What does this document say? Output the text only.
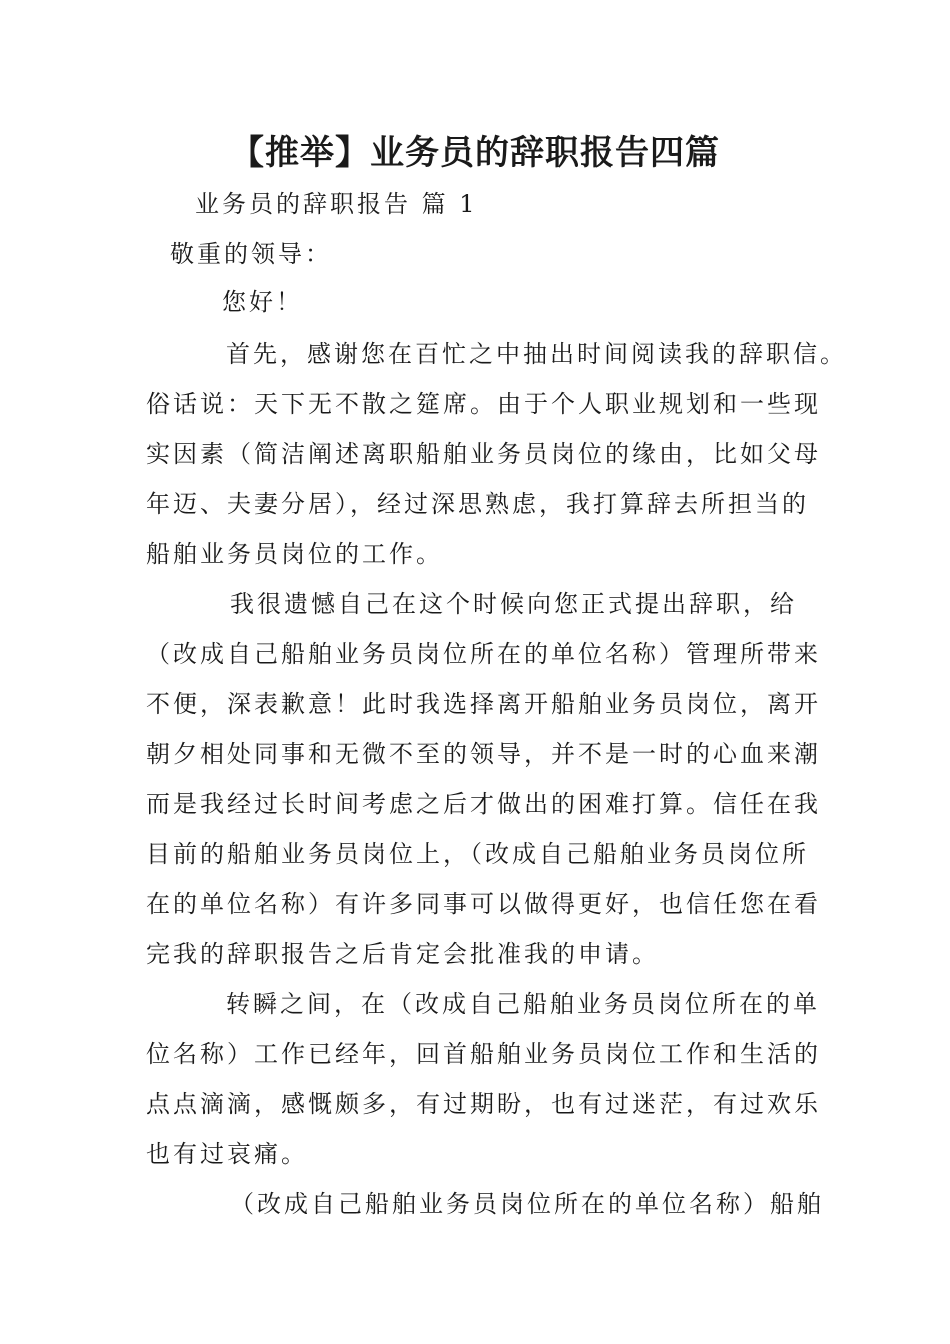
【推举】业务员的辞职报告四篇
业务员的辞职报告 篇 1
敬重的领导：
您好！
首先，感谢您在百忙之中抽出时间阅读我的辞职信。
俗话说：天下无不散之筵席。由于个人职业规划和一些现
实因素（简洁阐述离职船舶业务员岗位的缘由，比如父母
年迈、夫妻分居），经过深思熟虑，我打算辞去所担当的
船舶业务员岗位的工作。
我很遗憾自己在这个时候向您正式提出辞职，给
（改成自己船舶业务员岗位所在的单位名称）管理所带来
不便，深表歉意！此时我选择离开船舶业务员岗位，离开
朝夕相处同事和无微不至的领导，并不是一时的心血来潮
而是我经过长时间考虑之后才做出的困难打算。信任在我
目前的船舶业务员岗位上，（改成自己船舶业务员岗位所
在的单位名称）有许多同事可以做得更好，也信任您在看
完我的辞职报告之后肯定会批准我的申请。
转瞬之间，在（改成自己船舶业务员岗位所在的单
位名称）工作已经年，回首船舶业务员岗位工作和生活的
点点滴滴，感慨颇多，有过期盼，也有过迷茫，有过欢乐
也有过哀痛。
（改成自己船舶业务员岗位所在的单位名称）船舶
